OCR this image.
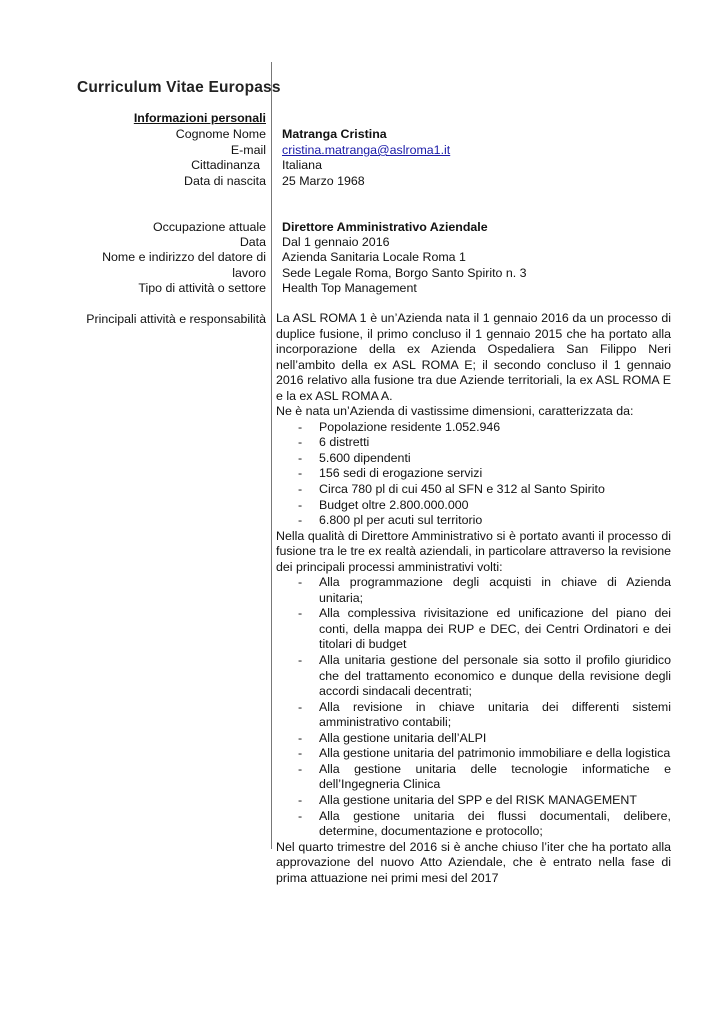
Curriculum Vitae Europass
Informazioni personali
Cognome Nome Matranga Cristina
E-mail cristina.matranga@aslroma1.it
Cittadinanza Italiana
Data di nascita 25 Marzo 1968
Occupazione attuale Direttore Amministrativo Aziendale
Data Dal 1 gennaio 2016
Nome e indirizzo del datore di Azienda Sanitaria Locale Roma 1
lavoro Sede Legale Roma, Borgo Santo Spirito n. 3
Tipo di attività o settore Health Top Management
Principali attività e responsabilità La ASL ROMA 1 è un’Azienda nata il 1 gennaio 2016 da un processo di duplice fusione, il primo concluso il 1 gennaio 2015 che ha portato alla incorporazione della ex Azienda Ospedaliera San Filippo Neri nell’ambito della ex ASL ROMA E; il secondo concluso il 1 gennaio 2016 relativo alla fusione tra due Aziende territoriali, la ex ASL ROMA E e la ex ASL ROMA A.

Ne è nata un’Azienda di vastissime dimensioni, caratterizzata da:

- Popolazione residente 1.052.946
- 6 distretti
- 5.600 dipendenti
- 156 sedi di erogazione servizi
- Circa 780 pl di cui 450 al SFN e 312 al Santo Spirito
- Budget oltre 2.800.000.000
- 6.800 pl per acuti sul territorio

Nella qualità di Direttore Amministrativo si è portato avanti il processo di fusione tra le tre ex realtà aziendali, in particolare attraverso la revisione dei principali processi amministrativi volti:

- Alla programmazione degli acquisti in chiave di Azienda unitaria;
- Alla complessiva rivisitazione ed unificazione del piano dei conti, della mappa dei RUP e DEC, dei Centri Ordinatori e dei titolari di budget
- Alla unitaria gestione del personale sia sotto il profilo giuridico che del trattamento economico e dunque della revisione degli accordi sindacali decentrati;
- Alla revisione in chiave unitaria dei differenti sistemi amministrativo contabili;
- Alla gestione unitaria dell’ALPI
- Alla gestione unitaria del patrimonio immobiliare e della logistica
- Alla gestione unitaria delle tecnologie informatiche e dell’Ingegneria Clinica
- Alla gestione unitaria del SPP e del RISK MANAGEMENT
- Alla gestione unitaria dei flussi documentali, delibere, determine, documentazione e protocollo;

Nel quarto trimestre del 2016 si è anche chiuso l’iter che ha portato alla approvazione del nuovo Atto Aziendale, che è entrato nella fase di prima attuazione nei primi mesi del 2017
